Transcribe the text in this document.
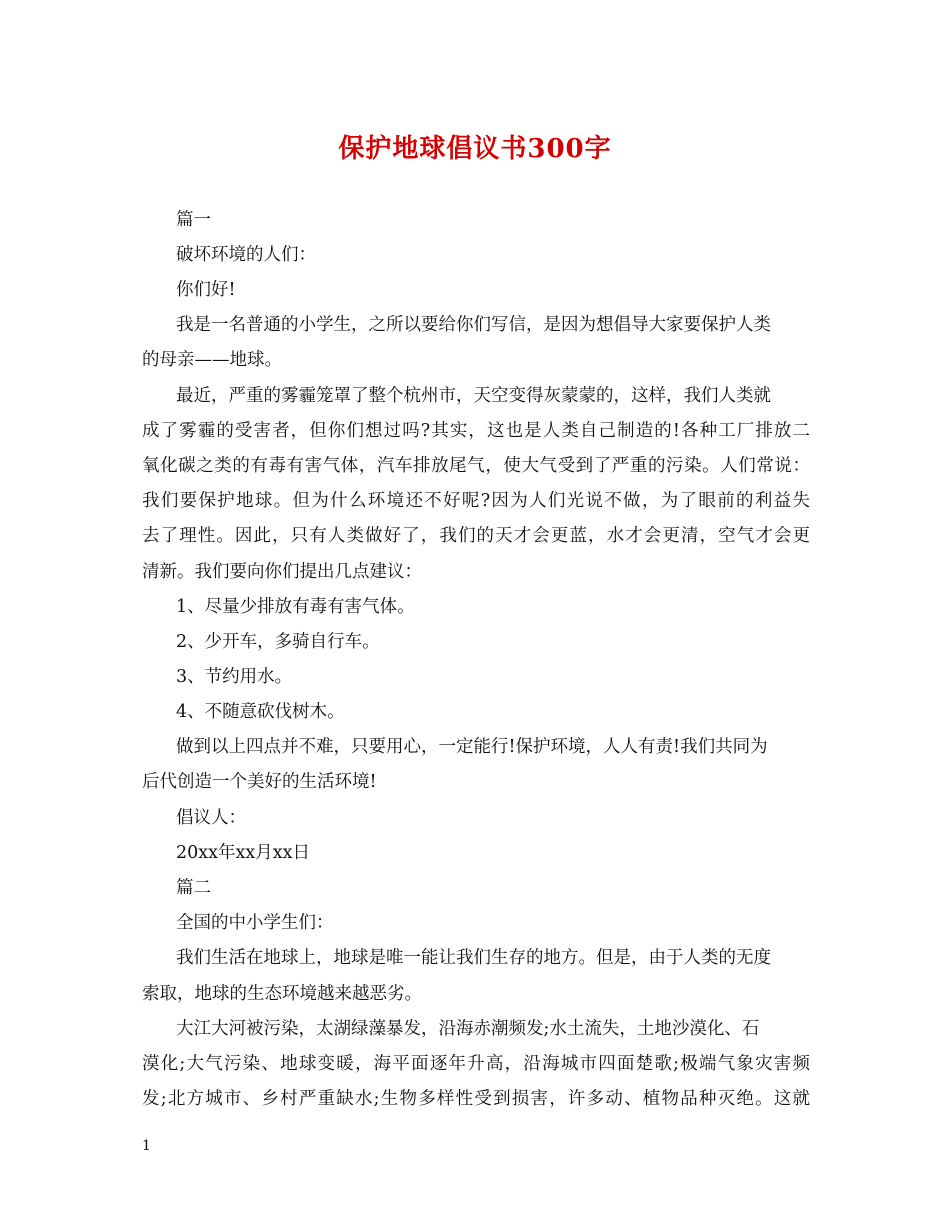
保护地球倡议书300字

篇一

破坏环境的人们：

你们好!

我是一名普通的小学生，之所以要给你们写信，是因为想倡导大家要保护人类

的母亲——地球。

最近，严重的雾霾笼罩了整个杭州市，天空变得灰蒙蒙的，这样，我们人类就

成了雾霾的受害者，但你们想过吗?其实，这也是人类自己制造的!各种工厂排放二

氧化碳之类的有毒有害气体，汽车排放尾气，使大气受到了严重的污染。人们常说：

我们要保护地球。但为什么环境还不好呢?因为人们光说不做，为了眼前的利益失

去了理性。因此，只有人类做好了，我们的天才会更蓝，水才会更清，空气才会更

清新。我们要向你们提出几点建议：

1、尽量少排放有毒有害气体。

2、少开车，多骑自行车。

3、节约用水。

4、不随意砍伐树木。

做到以上四点并不难，只要用心，一定能行!保护环境，人人有责!我们共同为

后代创造一个美好的生活环境!

倡议人：

20xx年xx月xx日

篇二

全国的中小学生们：

我们生活在地球上，地球是唯一能让我们生存的地方。但是，由于人类的无度

索取，地球的生态环境越来越恶劣。

大江大河被污染，太湖绿藻暴发，沿海赤潮频发;水土流失，土地沙漠化、石

漠化;大气污染、地球变暖，海平面逐年升高，沿海城市四面楚歌;极端气象灾害频

发;北方城市、乡村严重缺水;生物多样性受到损害，许多动、植物品种灭绝。这就

1
